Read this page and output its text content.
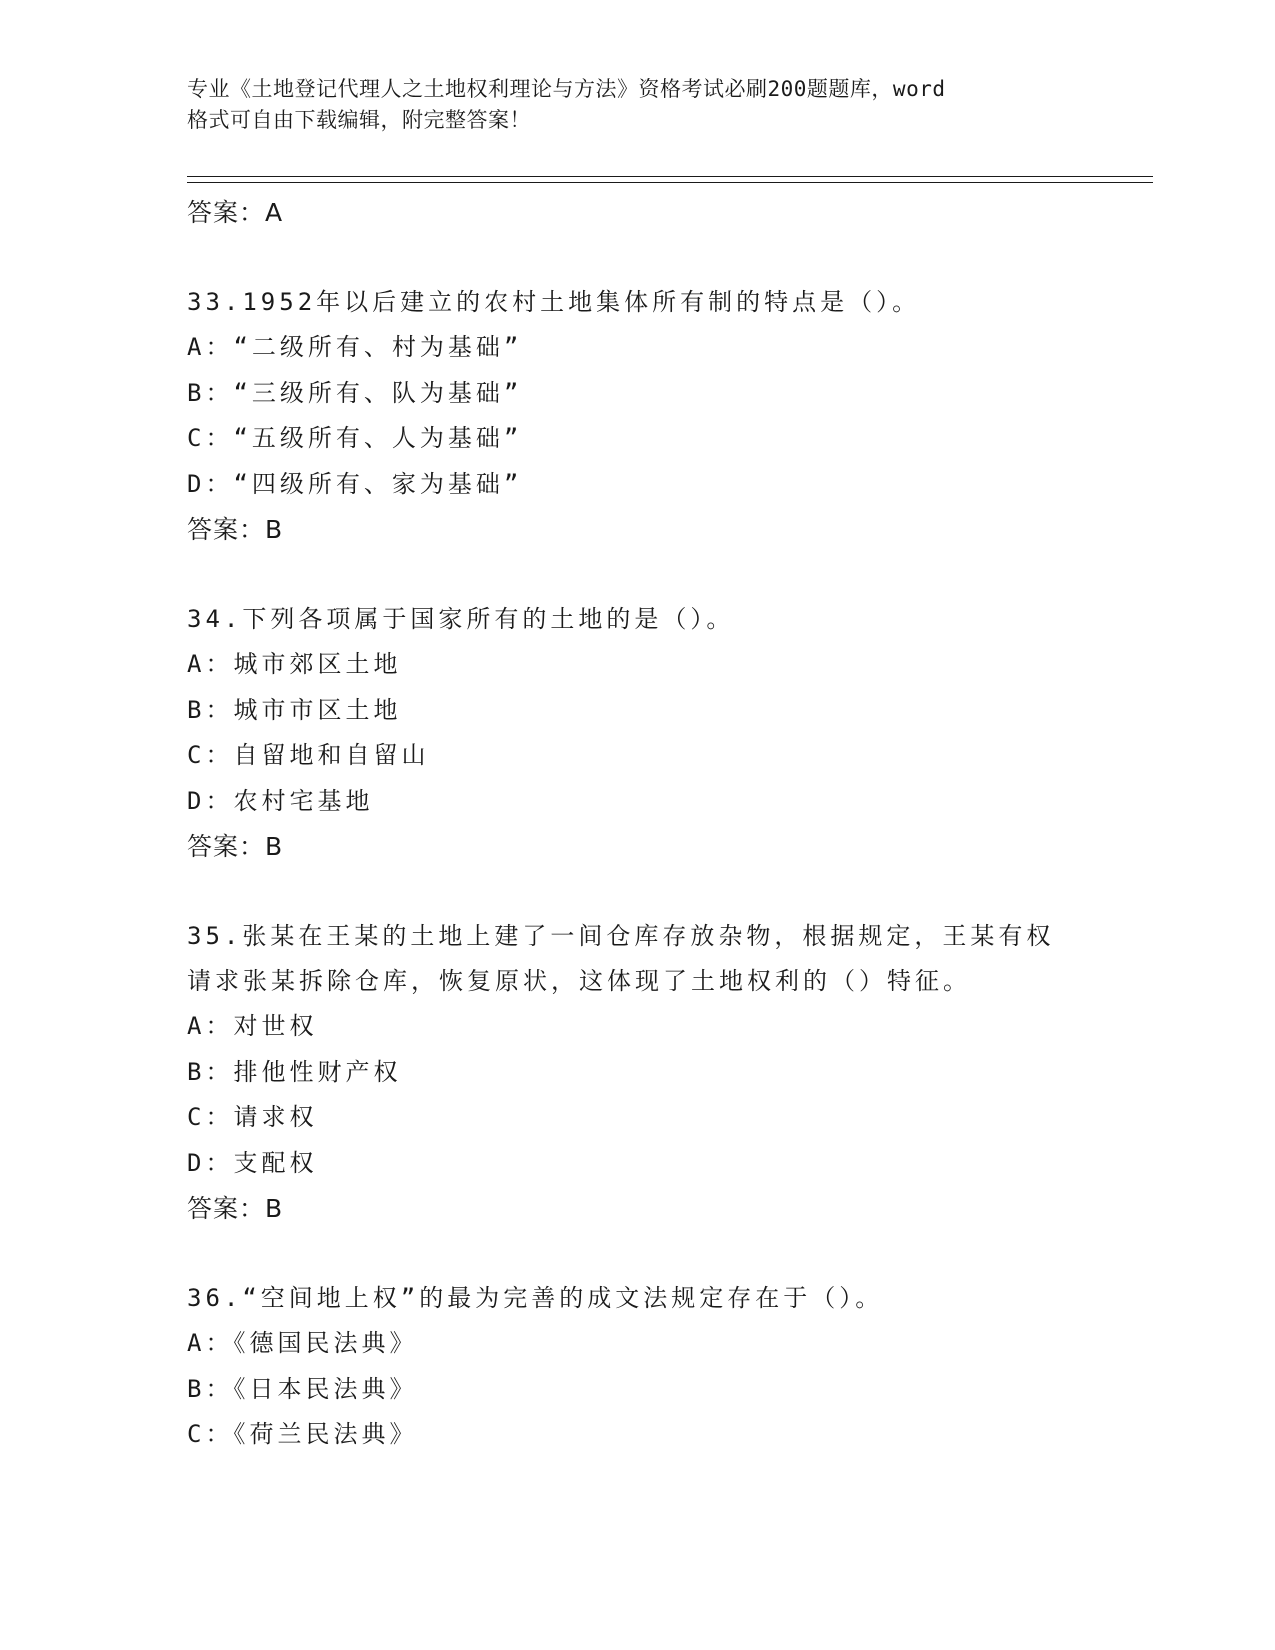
专业《土地登记代理人之土地权利理论与方法》资格考试必刷200题题库，word
格式可自由下载编辑，附完整答案！
答案：A
33.1952年以后建立的农村土地集体所有制的特点是（）。
A：“二级所有、村为基础”
B：“三级所有、队为基础”
C：“五级所有、人为基础”
D：“四级所有、家为基础”
答案：B
34.下列各项属于国家所有的土地的是（）。
A：城市郊区土地
B：城市市区土地
C：自留地和自留山
D：农村宅基地
答案：B
35.张某在王某的土地上建了一间仓库存放杂物，根据规定，王某有权
请求张某拆除仓库，恢复原状，这体现了土地权利的（）特征。
A：对世权
B：排他性财产权
C：请求权
D：支配权
答案：B
36.“空间地上权”的最为完善的成文法规定存在于（）。
A：《德国民法典》
B：《日本民法典》
C：《荷兰民法典》
